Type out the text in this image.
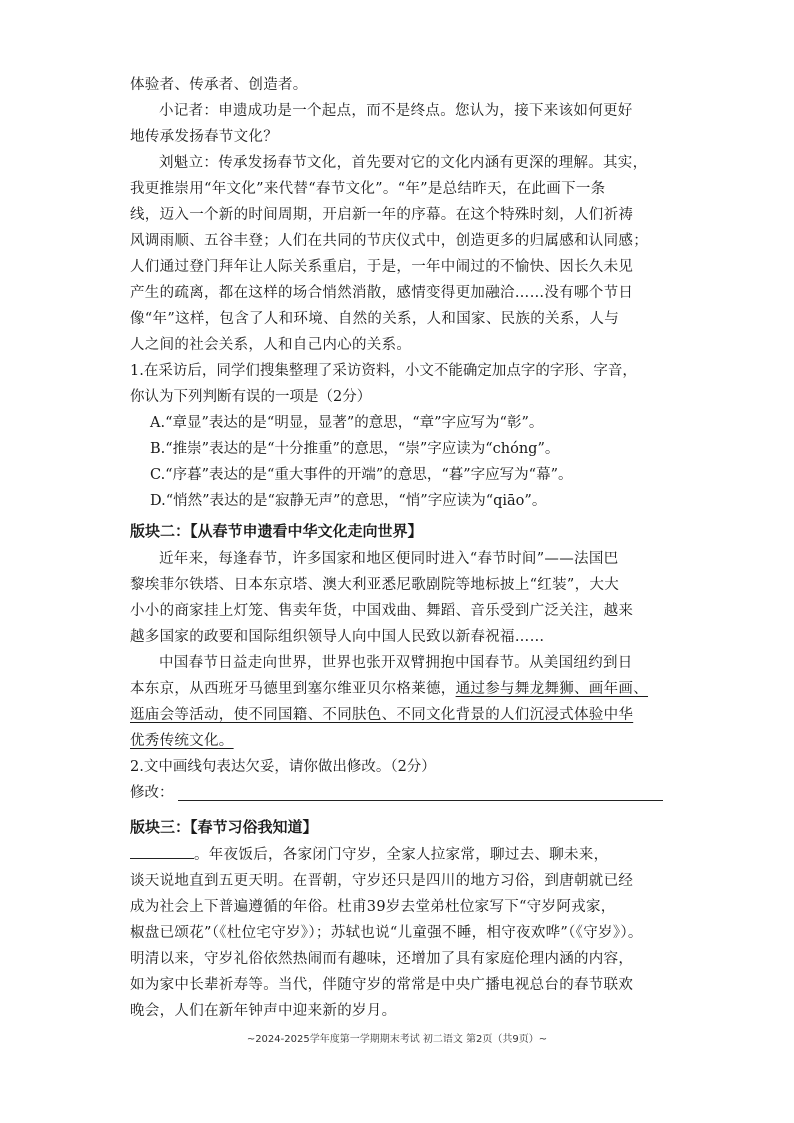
体验者、传承者、创造者。
小记者：申遗成功是一个起点，而不是终点。您认为，接下来该如何更好
地传承发扬春节文化？
刘魁立：传承发扬春节文化，首先要对它的文化内涵有更深的理解。其实，
我更推崇用“年文化”来代替“春节文化”。“年”是总结昨天，在此画下一条
线，迈入一个新的时间周期，开启新一年的序幕。在这个特殊时刻，人们祈祷
风调雨顺、五谷丰登；人们在共同的节庆仪式中，创造更多的归属感和认同感；
人们通过登门拜年让人际关系重启，于是，一年中闹过的不愉快、因长久未见
产生的疏离，都在这样的场合悄然消散，感情变得更加融洽……没有哪个节日
像“年”这样，包含了人和环境、自然的关系，人和国家、民族的关系，人与
人之间的社会关系，人和自己内心的关系。
1.在采访后，同学们搜集整理了采访资料，小文不能确定加点字的字形、字音，
你认为下列判断有误的一项是（2分）
A.“章显”表达的是“明显，显著”的意思，“章”字应写为“彰”。
B.“推崇”表达的是“十分推重”的意思，“崇”字应读为“chóng”。
C.“序暮”表达的是“重大事件的开端”的意思，“暮”字应写为“幕”。
D.“悄然”表达的是“寂静无声”的意思，“悄”字应读为“qiāo”。
版块二：【从春节申遗看中华文化走向世界】
近年来，每逢春节，许多国家和地区便同时进入“春节时间”——法国巴
黎埃菲尔铁塔、日本东京塔、澳大利亚悉尼歌剧院等地标披上“红装”，大大
小小的商家挂上灯笼、售卖年货，中国戏曲、舞蹈、音乐受到广泛关注，越来
越多国家的政要和国际组织领导人向中国人民致以新春祝福……
中国春节日益走向世界，世界也张开双臂拥抱中国春节。从美国纽约到日
本东京，从西班牙马德里到塞尔维亚贝尔格莱德，通过参与舞龙舞狮、画年画、
逛庙会等活动，使不同国籍、不同肤色、不同文化背景的人们沉浸式体验中华
优秀传统文化。
2.文中画线句表达欠妥，请你做出修改。（2分）
修改：
版块三：【春节习俗我知道】
。年夜饭后，各家闭门守岁，全家人拉家常，聊过去、聊未来，
谈天说地直到五更天明。在晋朝，守岁还只是四川的地方习俗，到唐朝就已经
成为社会上下普遍遵循的年俗。杜甫39岁去堂弟杜位家写下“守岁阿戎家，
椒盘已颂花”（《杜位宅守岁》）；苏轼也说“儿童强不睡，相守夜欢哗”（《守岁》）。
明清以来，守岁礼俗依然热闹而有趣味，还增加了具有家庭伦理内涵的内容，
如为家中长辈祈寿等。当代，伴随守岁的常常是中央广播电视总台的春节联欢
晚会，人们在新年钟声中迎来新的岁月。
~2024-2025学年度第一学期期末考试 初二语文 第2页（共9页）~
